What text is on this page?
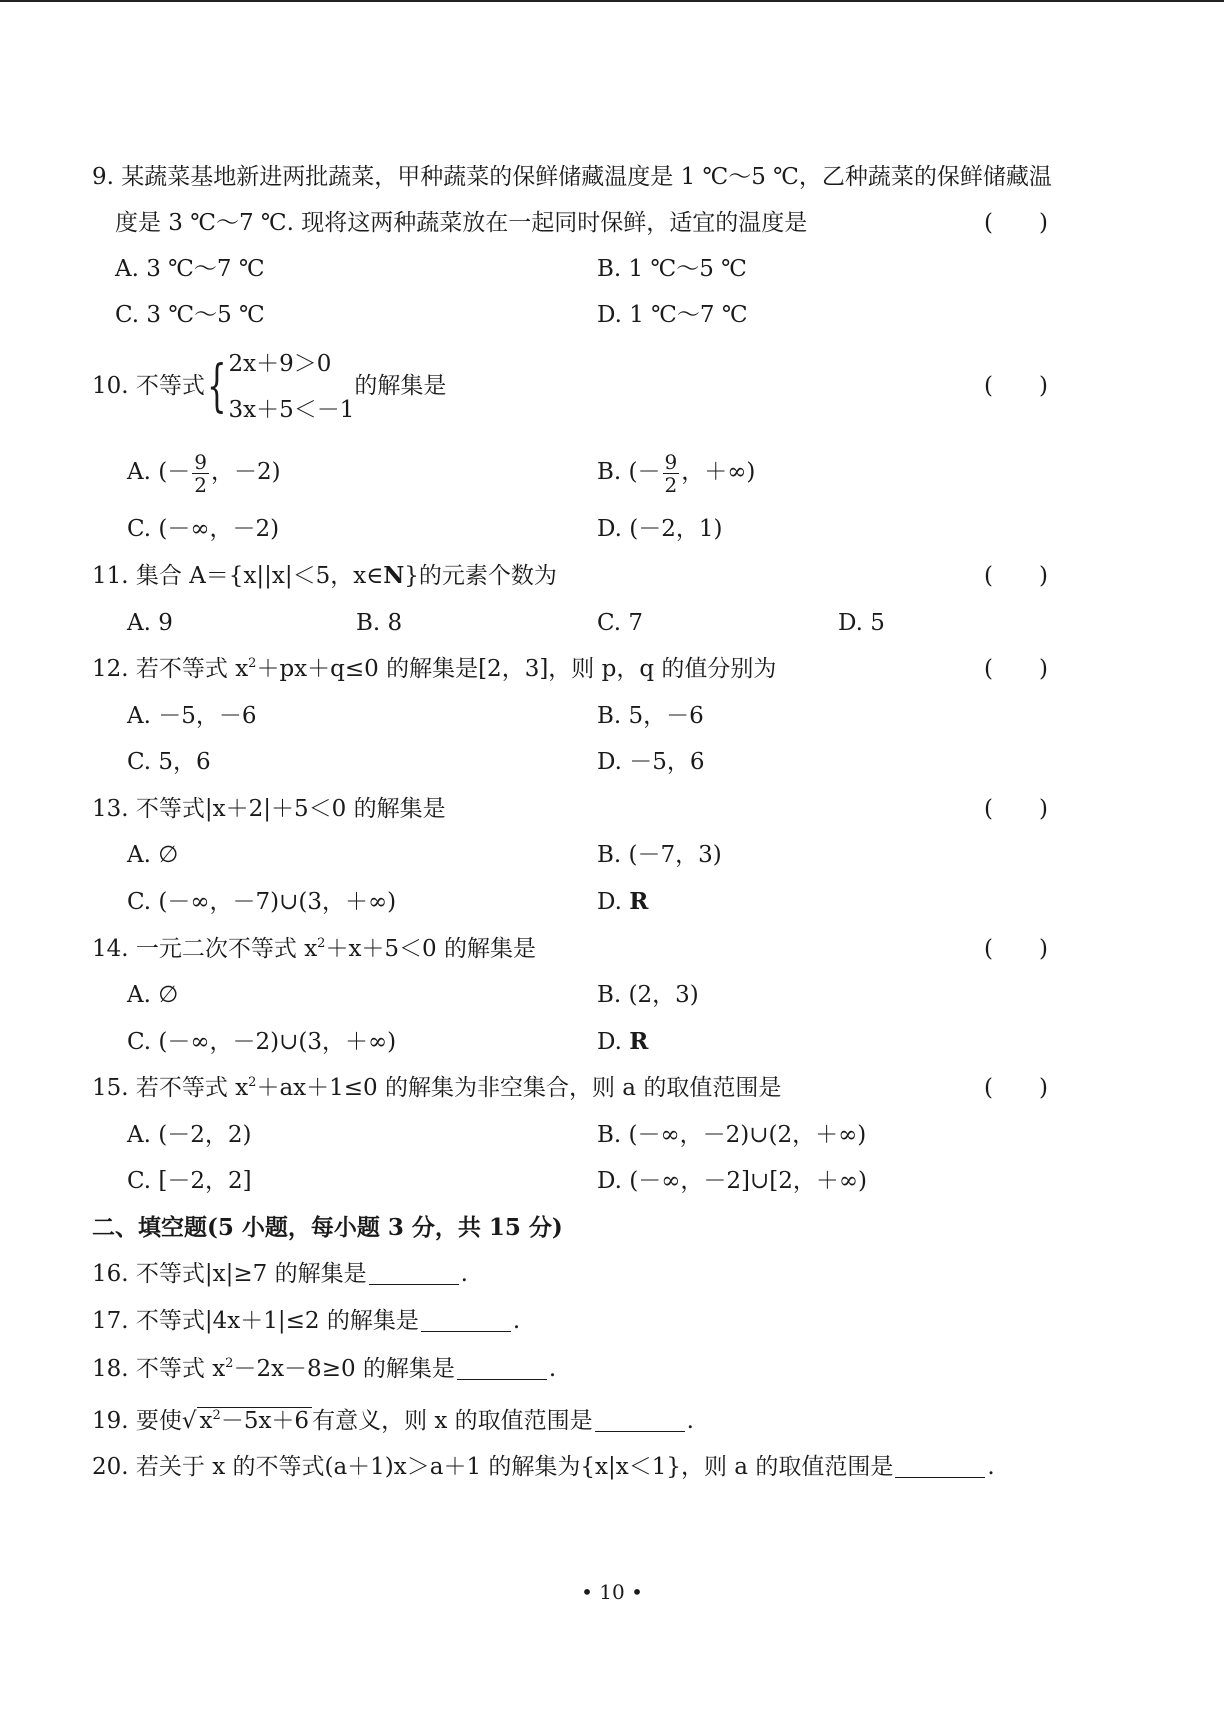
9. 某蔬菜基地新进两批蔬菜，甲种蔬菜的保鲜储藏温度是 1 ℃～5 ℃，乙种蔬菜的保鲜储藏温
度是 3 ℃～7 ℃. 现将这两种蔬菜放在一起同时保鲜，适宜的温度是	(　　)
A. 3 ℃～7 ℃	B. 1 ℃～5 ℃
C. 3 ℃～5 ℃	D. 1 ℃～7 ℃
10. 不等式 { 2x＋9＞0
3x＋5＜－1
的解集是	(　　)
A. (－ $\frac{9}{2}$ ，－2)	B. (－ $\frac{9}{2}$ ，＋∞)
C. (－∞，－2)	D. (－2，1)
11. 集合 A＝{x||x|＜5，x∈N}的元素个数为	(　　)
A. 9	B. 8	C. 7	D. 5
12. 若不等式 $x^2+px+q\le 0$ 的解集是[2，3]，则 p，q 的值分别为	(　　)
A. －5，－6	B. 5，－6
C. 5，6	D. －5，6
13. 不等式|x＋2|＋5＜0 的解集是	(　　)
A. ∅	B. (－7，3)
C. (－∞，－7)∪(3，＋∞)	D. R
14. 一元二次不等式 $x^2+x+5<0$ 的解集是	(　　)
A. ∅	B. (2，3)
C. (－∞，－2)∪(3，＋∞)	D. R
15. 若不等式 $x^2+ax+1\le 0$ 的解集为非空集合，则 a 的取值范围是	(　　)
A. (－2，2)	B. (－∞，－2)∪(2，＋∞)
C. [－2，2]	D. (－∞，－2]∪[2，＋∞)
二、填空题(5 小题，每小题 3 分，共 15 分)
16. 不等式|x|≥7 的解集是	.
17. 不等式|4x＋1|≤2 的解集是	.
18. 不等式 $x^2-2x-8\ge 0$ 的解集是	.
19. 要使√ $x^2-5x+6$ 有意义，则 x 的取值范围是	.
20. 若关于 x 的不等式(a＋1)x＞a＋1 的解集为{x|x＜1}，则 a 的取值范围是	.
• 10 •
